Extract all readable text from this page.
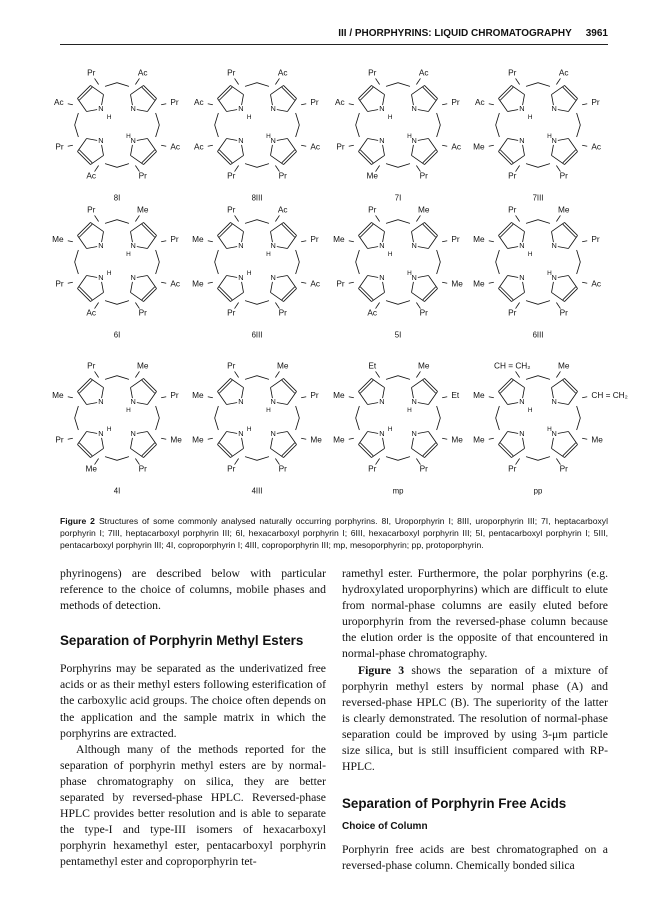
III / PHORPHYRINS: LIQUID CHROMATOGRAPHY 3961
N
H
N
N
H
N
Pr	Ac
Pr
Ac
Pr
Ac
Pr
Ac
8I
N
H
N
N
H
N
Pr	Ac
Pr
Ac
Pr
Pr
Ac
Ac
8III
N
H
N
N
H
N
Pr	Ac
Pr
Ac
Pr
Me
Pr
Ac
7I
N
H
N
N
H
N
Pr	Ac
Pr
Ac
Pr
Pr
Me
Ac
7III
N	N
H
N
N H
Pr	Me
Pr
Ac
Pr
Ac
Pr
Me
6I
N	N
H
N
N H
Pr	Ac
Pr
Ac
Pr
Pr
Me
Me
6III
N
H
N
N
H
N
Pr	Me
Pr
Me
Pr
Ac
Pr
Me
5I
N
H
N
N
H
N
Pr	Me
Pr
Ac
Pr
Pr
Me
Me
6III
N	N
H
N
N H
Pr	Me
Pr
Me
Pr
Me
Pr
Me
4I
N	N
H
N
N H
Pr	Me
Pr
Me
Pr
Pr
Me
Me
4III
N	N
H
N
N H
Et	Me
Et
Me
Pr
Pr
Me
Me
mp
N
H
N
N
H
N
CH = CH₂	Me
CH = CH₂
Me
Pr
Pr
Me
Me
pp
Figure 2 Structures of some commonly analysed naturally occurring porphyrins. 8I, Uroporphyrin I; 8III, uroporphyrin III; 7I, heptacarboxyl porphyrin I; 7III, heptacarboxyl porphyrin III; 6I, hexacarboxyl porphyrin I; 6III, hexacarboxyl porphyrin III; 5I, pentacarboxyl porphyrin I; 5III, pentacarboxyl porphyrin III; 4I, coproporphyrin I; 4III, coproporphyrin III; mp, mesoporphyrin; pp, protoporphyrin.

phyrinogens) are described below with particular reference to the choice of columns, mobile phases and methods of detection.

Separation of Porphyrin Methyl Esters

Porphyrins may be separated as the underivatized free acids or as their methyl esters following esterification of the carboxylic acid groups. The choice often depends on the application and the sample matrix in which the porphyrins are extracted.

Although many of the methods reported for the separation of porphyrin methyl esters are by normal-phase chromatography on silica, they are better separated by reversed-phase HPLC. Reversed-phase HPLC provides better resolution and is able to separate the type-I and type-III isomers of hexacarboxyl porphyrin hexamethyl ester, pentacarboxyl porphyrin pentamethyl ester and coproporphyrin tet-

ramethyl ester. Furthermore, the polar porphyrins (e.g. hydroxylated uroporphyrins) which are difficult to elute from normal-phase columns are easily eluted before uroporphyrin from the reversed-phase column because the elution order is the opposite of that encountered in normal-phase chromatography.

Figure 3 shows the separation of a mixture of porphyrin methyl esters by normal phase (A) and reversed-phase HPLC (B). The superiority of the latter is clearly demonstrated. The resolution of normal-phase separation could be improved by using 3-μm particle size silica, but is still insufficient compared with RP-HPLC.

Separation of Porphyrin Free Acids
Choice of Column

Porphyrin free acids are best chromatographed on a reversed-phase column. Chemically bonded silica
